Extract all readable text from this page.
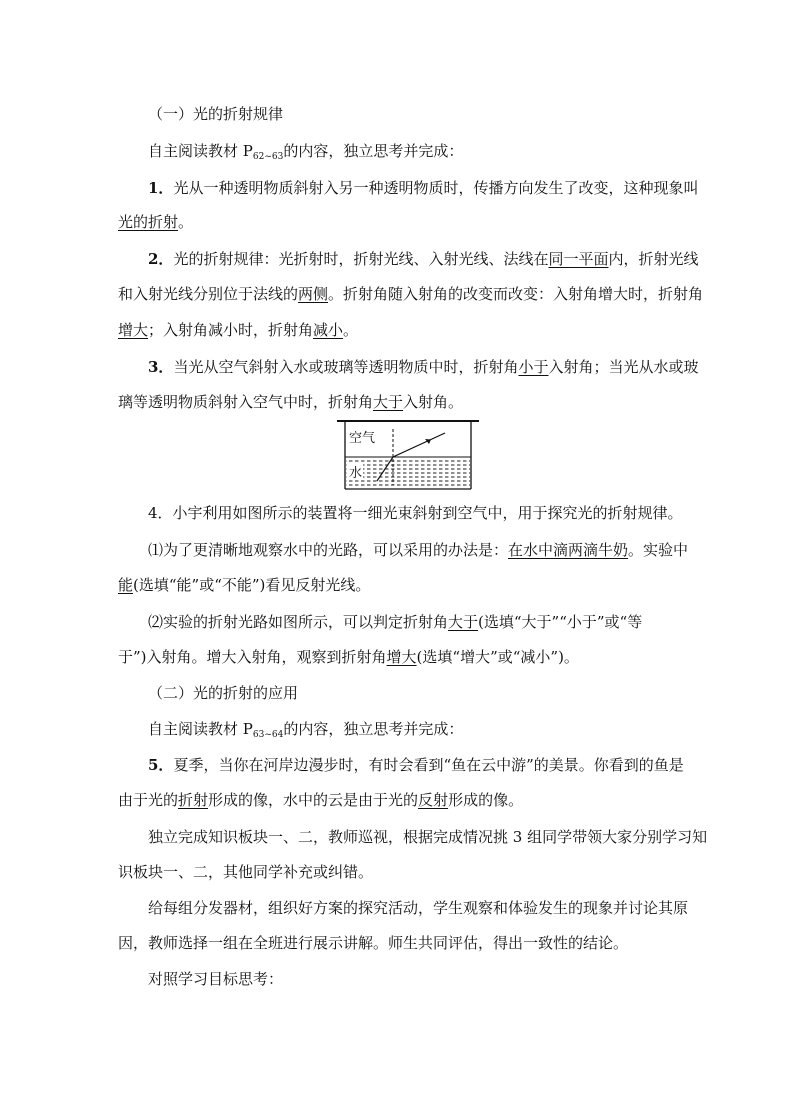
（一）光的折射规律
自主阅读教材 $P_{62\sim 63}$的内容，独立思考并完成：
1．光从一种透明物质斜射入另一种透明物质时，传播方向发生了改变，这种现象叫
光的折射。
2．光的折射规律：光折射时，折射光线、入射光线、法线在同一平面内，折射光线
和入射光线分别位于法线的两侧。折射角随入射角的改变而改变：入射角增大时，折射角
增大；入射角减小时，折射角减小。
3．当光从空气斜射入水或玻璃等透明物质中时，折射角小于入射角；当光从水或玻
璃等透明物质斜射入空气中时，折射角大于入射角。
空气
水
4．小宇利用如图所示的装置将一细光束斜射到空气中，用于探究光的折射规律。
⑴为了更清晰地观察水中的光路，可以采用的办法是：在水中滴两滴牛奶。实验中
能(选填“能”或“不能”)看见反射光线。
⑵实验的折射光路如图所示，可以判定折射角大于(选填“大于”“小于”或“等
于”)入射角。增大入射角，观察到折射角增大(选填“增大”或“减小”)。
（二）光的折射的应用
自主阅读教材 $P_{63\sim 64}$的内容，独立思考并完成：
5．夏季，当你在河岸边漫步时，有时会看到“鱼在云中游”的美景。你看到的鱼是
由于光的折射形成的像，水中的云是由于光的反射形成的像。
独立完成知识板块一、二，教师巡视，根据完成情况挑 3 组同学带领大家分别学习知
识板块一、二，其他同学补充或纠错。
给每组分发器材，组织好方案的探究活动，学生观察和体验发生的现象并讨论其原
因，教师选择一组在全班进行展示讲解。师生共同评估，得出一致性的结论。
对照学习目标思考：
